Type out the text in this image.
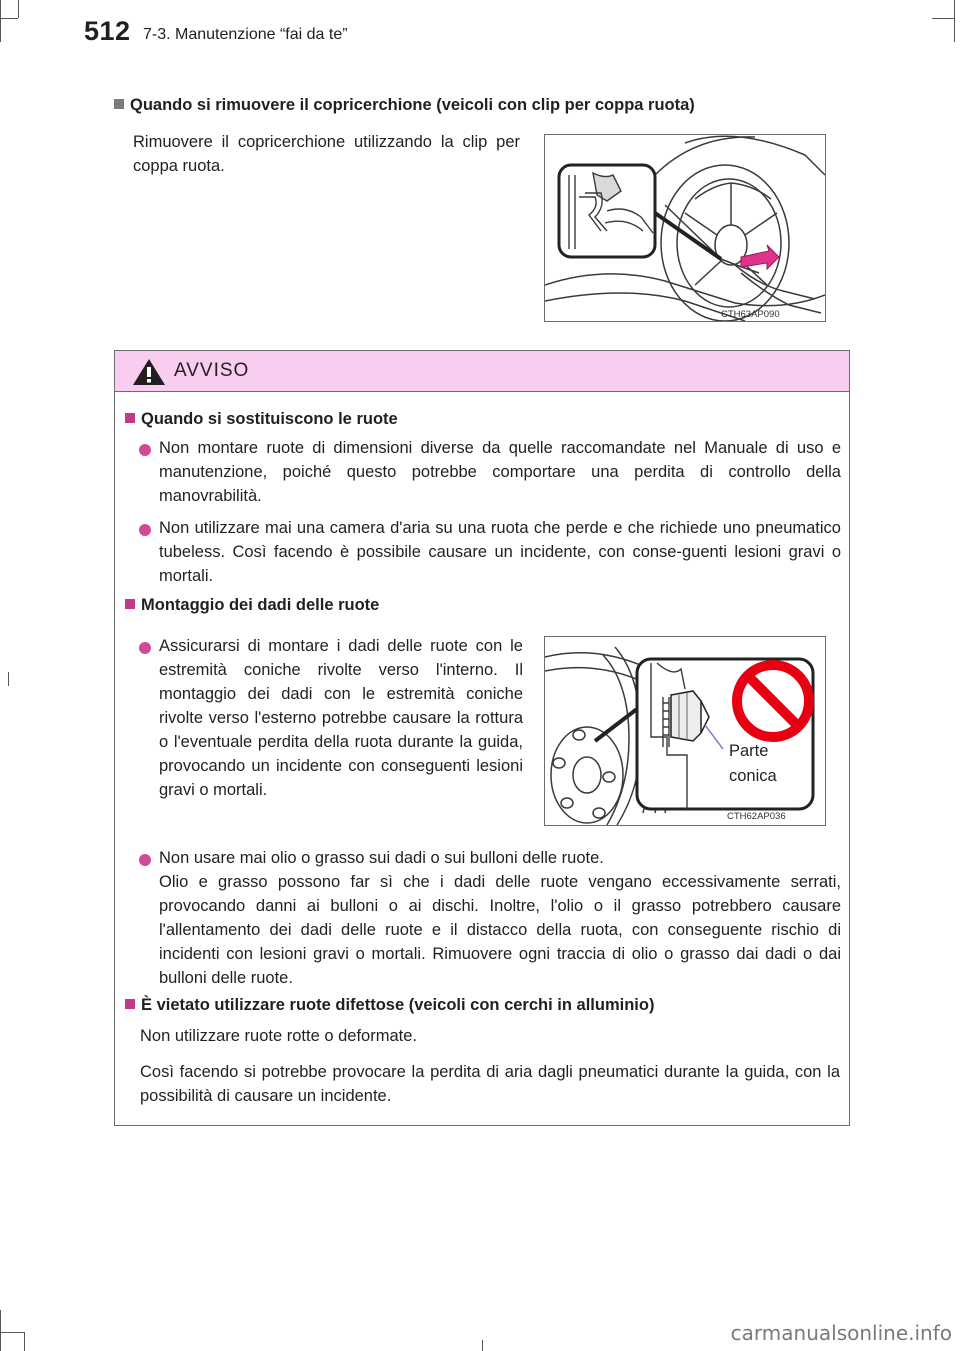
512 7-3. Manutenzione “fai da te”
Quando si rimuovere il copricerchione (veicoli con clip per coppa ruota)
Rimuovere il copricerchione utilizzando la clip per coppa ruota.
CTH63AP090
AVVISO
Quando si sostituiscono le ruote
Non montare ruote di dimensioni diverse da quelle raccomandate nel Manuale di uso e manutenzione, poiché questo potrebbe comportare una perdita di controllo della manovrabilità.
Non utilizzare mai una camera d'aria su una ruota che perde e che richiede uno pneumatico tubeless. Così facendo è possibile causare un incidente, con conse-guenti lesioni gravi o mortali.
Montaggio dei dadi delle ruote
Assicurarsi di montare i dadi delle ruote con le estremità coniche rivolte verso l'interno. Il montaggio dei dadi con le estremità coniche rivolte verso l'esterno potrebbe causare la rottura o l'eventuale perdita della ruota durante la guida, provocando un incidente con conseguenti lesioni gravi o mortali.
CTH62AP036
Parte
conica
Non usare mai olio o grasso sui dadi o sui bulloni delle ruote.
Olio e grasso possono far sì che i dadi delle ruote vengano eccessivamente serrati, provocando danni ai bulloni o ai dischi. Inoltre, l'olio o il grasso potrebbero causare l'allentamento dei dadi delle ruote e il distacco della ruota, con conseguente rischio di incidenti con lesioni gravi o mortali. Rimuovere ogni traccia di olio o grasso dai dadi o dai bulloni delle ruote.
È vietato utilizzare ruote difettose (veicoli con cerchi in alluminio)
Non utilizzare ruote rotte o deformate.
Così facendo si potrebbe provocare la perdita di aria dagli pneumatici durante la guida, con la possibilità di causare un incidente.
carmanualsonline.info
